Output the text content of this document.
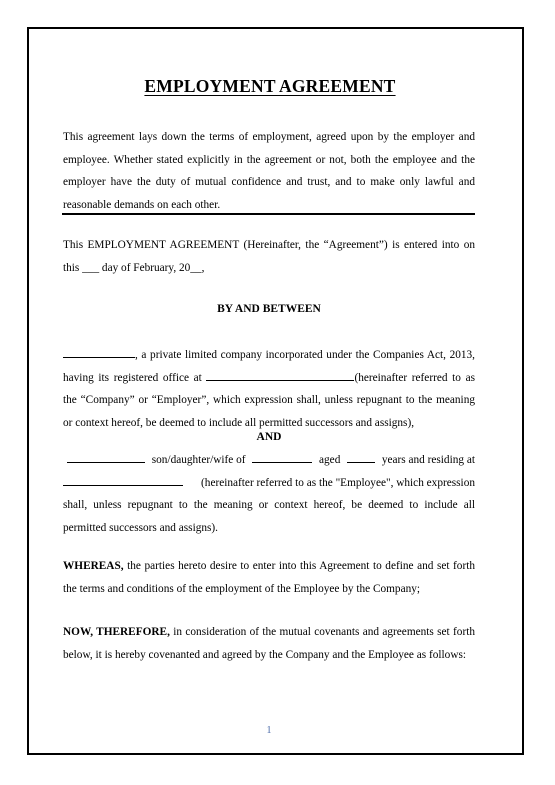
EMPLOYMENT AGREEMENT
This agreement lays down the terms of employment, agreed upon by the employer and employee. Whether stated explicitly in the agreement or not, both the employee and the employer have the duty of mutual confidence and trust, and to make only lawful and reasonable demands on each other.
This EMPLOYMENT AGREEMENT (Hereinafter, the “Agreement”) is entered into on this ___ day of February, 20__,
BY AND BETWEEN
, a private limited company incorporated under the Companies Act, 2013, having its registered office at	(hereinafter referred to as the “Company” or “Employer”, which expression shall, unless repugnant to the meaning or context hereof, be deemed to include all permitted successors and assigns),
AND
son/daughter/wife of	aged	years and residing at
(hereinafter referred to as the "Employee", which expression
shall, unless repugnant to the meaning or context hereof, be deemed to include all permitted successors and assigns).
WHEREAS, the parties hereto desire to enter into this Agreement to define and set forth the terms and conditions of the employment of the Employee by the Company;
NOW, THEREFORE, in consideration of the mutual covenants and agreements set forth below, it is hereby covenanted and agreed by the Company and the Employee as follows:
1
